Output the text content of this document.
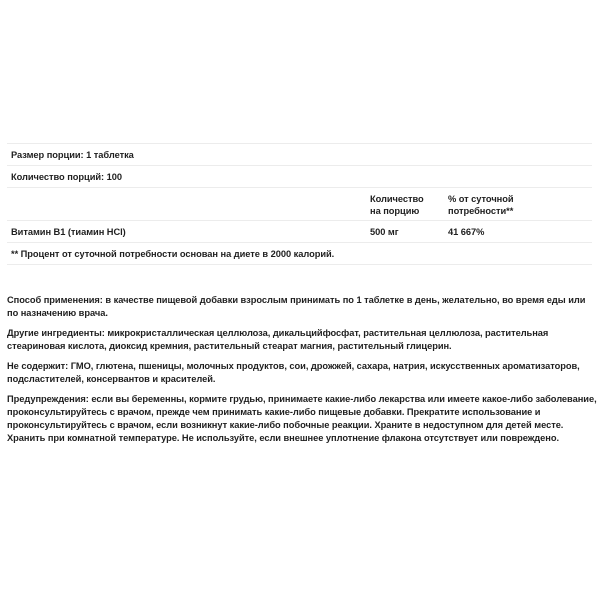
Размер порции: 1 таблетка
Количество порций: 100
Количество
на порцию
% от суточной
потребности**
Витамин B1 (тиамин HCl)	500 мг	41 667%
** Процент от суточной потребности основан на диете в 2000 калорий.

Способ применения: в качестве пищевой добавки взрослым принимать по 1 таблетке в день, желательно, во время еды или по назначению врача.

Другие ингредиенты: микрокристаллическая целлюлоза, дикальцийфосфат, растительная целлюлоза, растительная стеариновая кислота, диоксид кремния, растительный стеарат магния, растительный глицерин.

Не содержит: ГМО, глютена, пшеницы, молочных продуктов, сои, дрожжей, сахара, натрия, искусственных ароматизаторов, подсластителей, консервантов и красителей.

Предупреждения: если вы беременны, кормите грудью, принимаете какие-либо лекарства или имеете какое-либо заболевание, проконсультируйтесь с врачом, прежде чем принимать какие-либо пищевые добавки. Прекратите использование и проконсультируйтесь с врачом, если возникнут какие-либо побочные реакции. Храните в недоступном для детей месте. Хранить при комнатной температуре. Не используйте, если внешнее уплотнение флакона отсутствует или повреждено.
